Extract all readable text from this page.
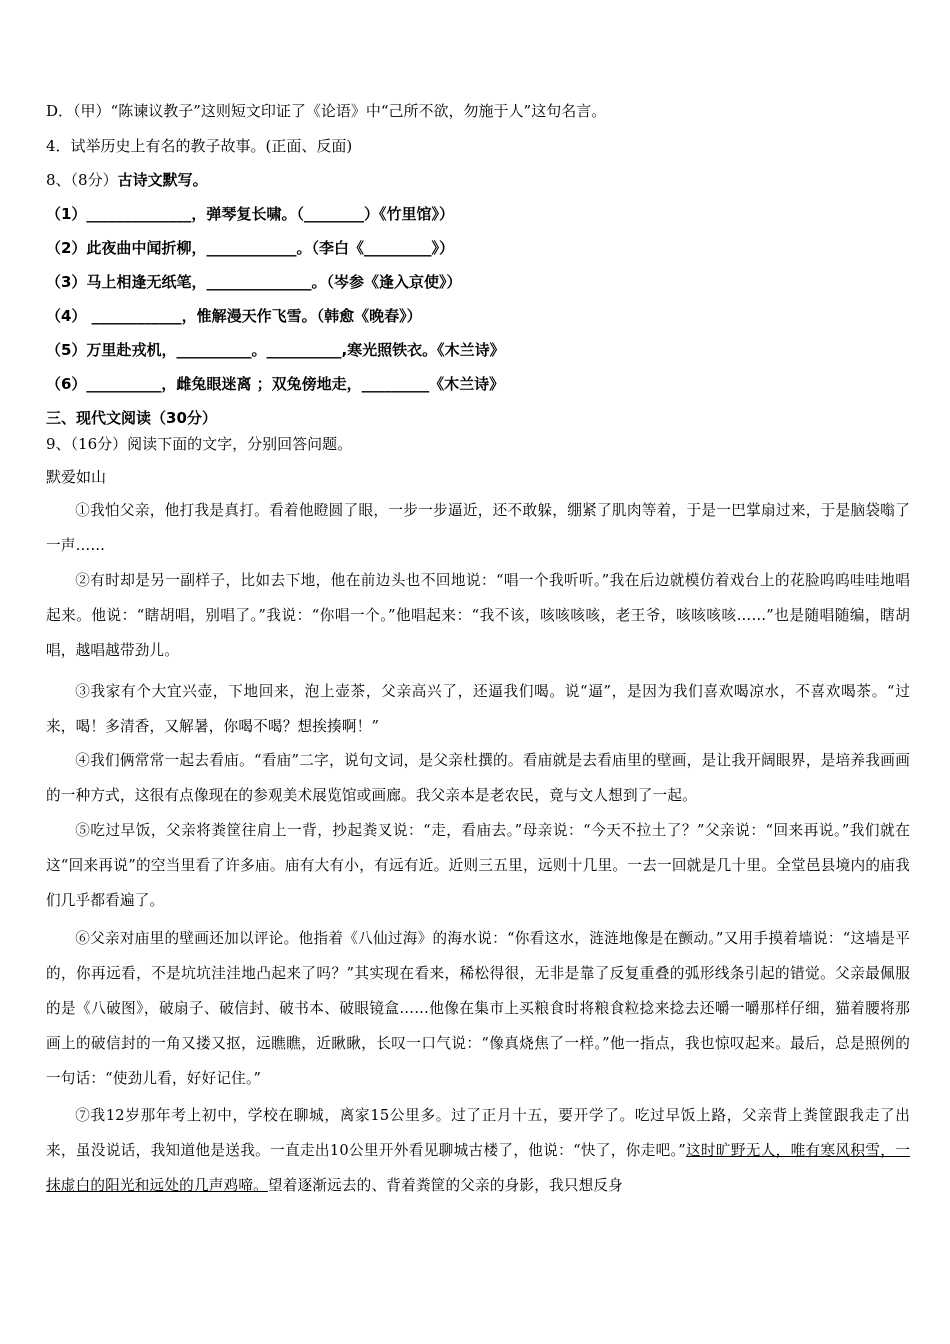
D．（甲）“陈谏议教子”这则短文印证了《论语》中“己所不欲，勿施于人”这句名言。
4．试举历史上有名的教子故事。(正面、反面)
8、（8分）古诗文默写。
（1）______________，弹琴复长啸。（________）《竹里馆》）
（2）此夜曲中闻折柳，____________。（李白《_________》）
（3）马上相逢无纸笔，______________。（岑参《逢入京使》）
（4） ____________，惟解漫天作飞雪。（韩愈《晚春》）
（5）万里赴戎机，__________。__________,寒光照铁衣。《木兰诗》
（6）__________，雌兔眼迷离 ；双兔傍地走，_________《木兰诗》
三、现代文阅读（30分）
9、（16分）阅读下面的文字，分别回答问题。
默爱如山
①我怕父亲，他打我是真打。看着他瞪圆了眼，一步一步逼近，还不敢躲，绷紧了肌肉等着，于是一巴掌扇过来，于是脑袋嗡了一声……
②有时却是另一副样子，比如去下地，他在前边头也不回地说：“唱一个我听听。”我在后边就模仿着戏台上的花脸呜呜哇哇地唱起来。他说：“瞎胡唱，别唱了。”我说：“你唱一个。”他唱起来：“我不该，咳咳咳咳，老王爷，咳咳咳咳……”也是随唱随编，瞎胡唱，越唱越带劲儿。
③我家有个大宜兴壶，下地回来，泡上壶茶，父亲高兴了，还逼我们喝。说“逼”，是因为我们喜欢喝凉水，不喜欢喝茶。“过来，喝！多清香，又解暑，你喝不喝？想挨揍啊！”
④我们俩常常一起去看庙。“看庙”二字，说句文词，是父亲杜撰的。看庙就是去看庙里的壁画，是让我开阔眼界，是培养我画画的一种方式，这很有点像现在的参观美术展览馆或画廊。我父亲本是老农民，竟与文人想到了一起。
⑤吃过早饭，父亲将粪筐往肩上一背，抄起粪叉说：“走，看庙去。”母亲说：“今天不拉土了？”父亲说：“回来再说。”我们就在这“回来再说”的空当里看了许多庙。庙有大有小，有远有近。近则三五里，远则十几里。一去一回就是几十里。全堂邑县境内的庙我们几乎都看遍了。
⑥父亲对庙里的壁画还加以评论。他指着《八仙过海》的海水说：“你看这水，涟涟地像是在颤动。”又用手摸着墙说：“这墙是平的，你再远看，不是坑坑洼洼地凸起来了吗？”其实现在看来，稀松得很，无非是靠了反复重叠的弧形线条引起的错觉。父亲最佩服的是《八破图》，破扇子、破信封、破书本、破眼镜盒……他像在集市上买粮食时将粮食粒捻来捻去还嚼一嚼那样仔细，猫着腰将那画上的破信封的一角又搂又抠，远瞧瞧，近瞅瞅，长叹一口气说：“像真烧焦了一样。”他一指点，我也惊叹起来。最后，总是照例的一句话：“使劲儿看，好好记住。”
⑦我12岁那年考上初中，学校在聊城，离家15公里多。过了正月十五，要开学了。吃过早饭上路，父亲背上粪筐跟我走了出来，虽没说话，我知道他是送我。一直走出10公里开外看见聊城古楼了，他说：“快了，你走吧。”这时旷野无人，唯有寒风积雪，一抹虚白的阳光和远处的几声鸡啼。望着逐渐远去的、背着粪筐的父亲的身影，我只想反身
